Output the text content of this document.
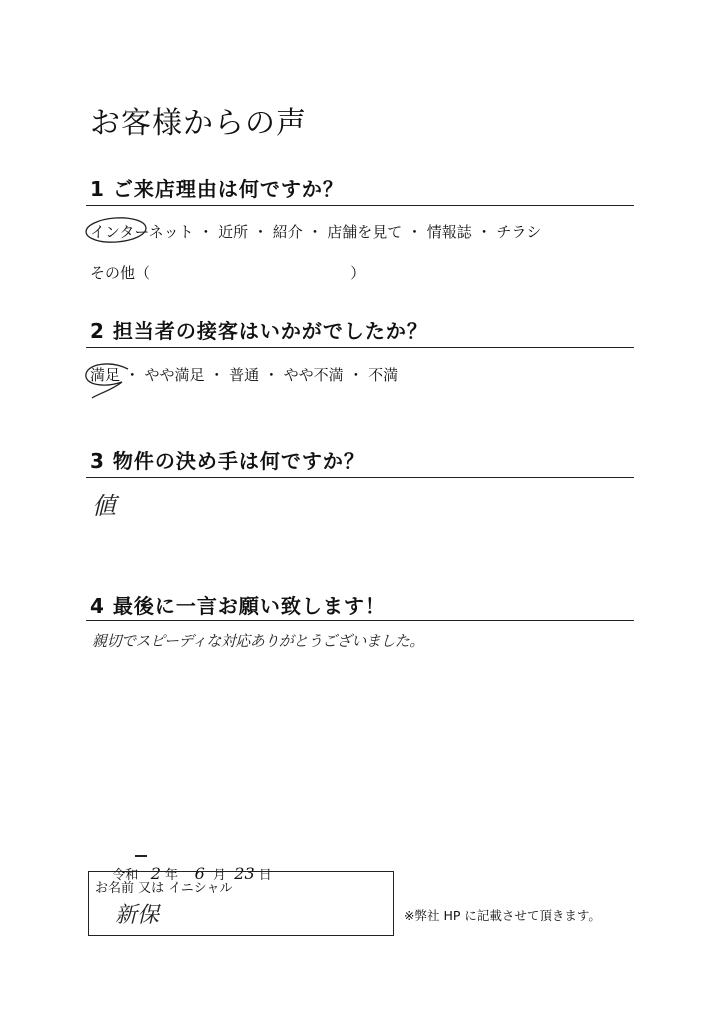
お客様からの声
1 ご来店理由は何ですか？
インターネット ・ 近所 ・ 紹介 ・ 店舗を見て ・ 情報誌 ・ チラシ
その他（                                          ）
2 担当者の接客はいかがでしたか？
満足 ・ やや満足 ・ 普通 ・ やや不満 ・ 不満
3 物件の決め手は何ですか？
値
4 最後に一言お願い致します！
親切でスピーディな対応ありがとうございました。

令和 2 年 6 月 23 日

お名前 又は イニシャル
新保	※弊社 HP に記載させて頂きます。
